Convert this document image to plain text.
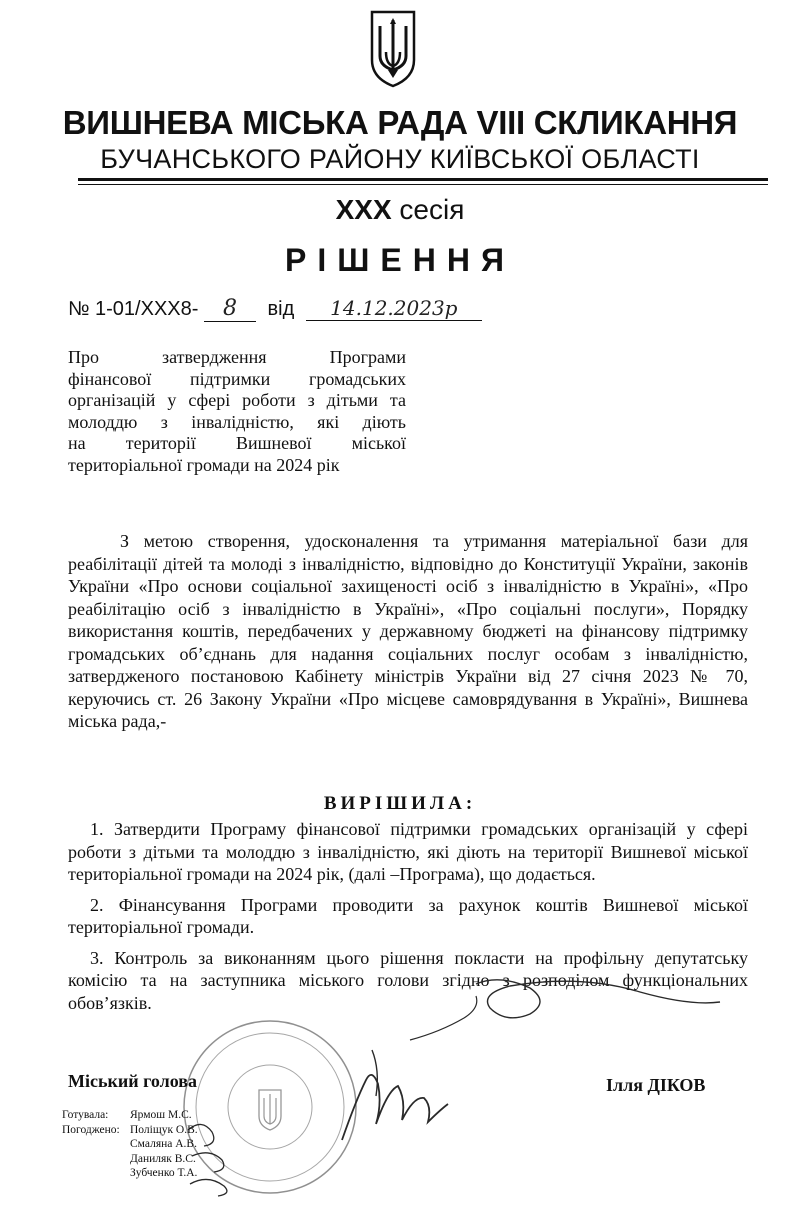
ВИШНЕВА МІСЬКА РАДА VIII СКЛИКАННЯ
БУЧАНСЬКОГО РАЙОНУ КИЇВСЬКОЇ ОБЛАСТІ
XXX сесія
РІШЕННЯ
№ 1-01/XXX8- 8 від 14.12.2023р
Про затвердження Програми
фінансової підтримки громадських
організацій у сфері роботи з дітьми та
молоддю з інвалідністю, які діють
на території Вишневої міської
територіальної громади на 2024 рік

З метою створення, удосконалення та утримання матеріальної бази для реабілітації дітей та молоді з інвалідністю, відповідно до Конституції України, законів України «Про основи соціальної захищеності осіб з інвалідністю в Україні», «Про реабілітацію осіб з інвалідністю в Україні», «Про соціальні послуги», Порядку використання коштів, передбачених у державному бюджеті на фінансову підтримку громадських об’єднань для надання соціальних послуг особам з інвалідністю, затвердженого постановою Кабінету міністрів України від 27 січня 2023 № 70, керуючись ст. 26 Закону України «Про місцеве самоврядування в Україні», Вишнева міська рада,-

ВИРІШИЛА:

1. Затвердити Програму фінансової підтримки громадських організацій у сфері роботи з дітьми та молоддю з інвалідністю, які діють на території Вишневої міської територіальної громади на 2024 рік, (далі –Програма), що додається.

2. Фінансування Програми проводити за рахунок коштів Вишневої міської територіальної громади.

3. Контроль за виконанням цього рішення покласти на профільну депутатську комісію та на заступника міського голови згідно з розподілом функціональних обов’язків.

Міський голова	Ілля ДІКОВ
Готувала:	Ярмош М.С.
Погоджено: Поліщук О.В.
Смаляна А.В.
Даниляк В.С.
Зубченко Т.А.
